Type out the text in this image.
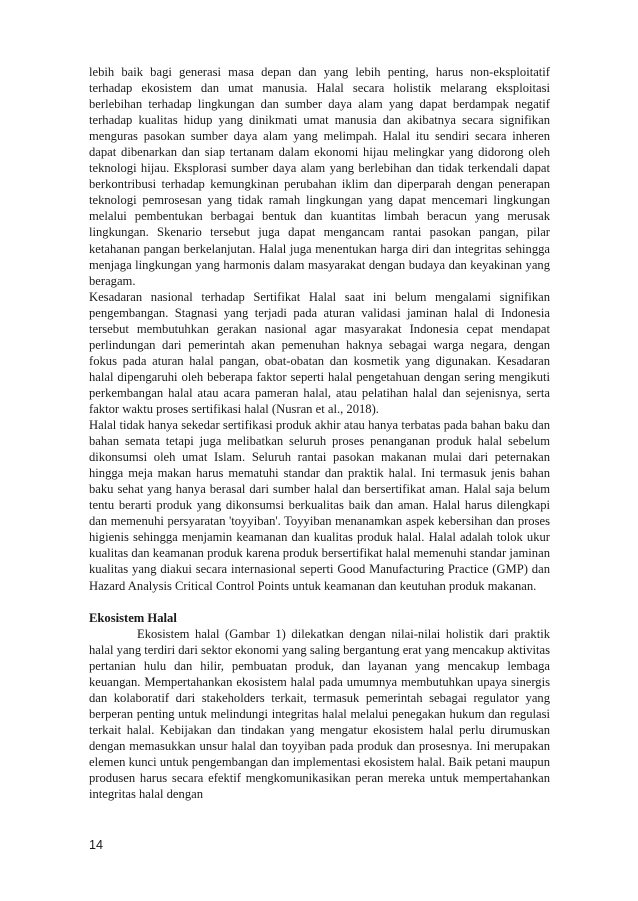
lebih baik bagi generasi masa depan dan yang lebih penting, harus non-eksploitatif terhadap ekosistem dan umat manusia. Halal secara holistik melarang eksploitasi berlebihan terhadap lingkungan dan sumber daya alam yang dapat berdampak negatif terhadap kualitas hidup yang dinikmati umat manusia dan akibatnya secara signifikan menguras pasokan sumber daya alam yang melimpah. Halal itu sendiri secara inheren dapat dibenarkan dan siap tertanam dalam ekonomi hijau melingkar yang didorong oleh teknologi hijau. Eksplorasi sumber daya alam yang berlebihan dan tidak terkendali dapat berkontribusi terhadap kemungkinan perubahan iklim dan diperparah dengan penerapan teknologi pemrosesan yang tidak ramah lingkungan yang dapat mencemari lingkungan melalui pembentukan berbagai bentuk dan kuantitas limbah beracun yang merusak lingkungan. Skenario tersebut juga dapat mengancam rantai pasokan pangan, pilar ketahanan pangan berkelanjutan. Halal juga menentukan harga diri dan integritas sehingga menjaga lingkungan yang harmonis dalam masyarakat dengan budaya dan keyakinan yang beragam.

Kesadaran nasional terhadap Sertifikat Halal saat ini belum mengalami signifikan pengembangan. Stagnasi yang terjadi pada aturan validasi jaminan halal di Indonesia tersebut membutuhkan gerakan nasional agar masyarakat Indonesia cepat mendapat perlindungan dari pemerintah akan pemenuhan haknya sebagai warga negara, dengan fokus pada aturan halal pangan, obat-obatan dan kosmetik yang digunakan. Kesadaran halal dipengaruhi oleh beberapa faktor seperti halal pengetahuan dengan sering mengikuti perkembangan halal atau acara pameran halal, atau pelatihan halal dan sejenisnya, serta faktor waktu proses sertifikasi halal (Nusran et al., 2018).

Halal tidak hanya sekedar sertifikasi produk akhir atau hanya terbatas pada bahan baku dan bahan semata tetapi juga melibatkan seluruh proses penanganan produk halal sebelum dikonsumsi oleh umat Islam. Seluruh rantai pasokan makanan mulai dari peternakan hingga meja makan harus mematuhi standar dan praktik halal. Ini termasuk jenis bahan baku sehat yang hanya berasal dari sumber halal dan bersertifikat aman. Halal saja belum tentu berarti produk yang dikonsumsi berkualitas baik dan aman. Halal harus dilengkapi dan memenuhi persyaratan 'toyyiban'. Toyyiban menanamkan aspek kebersihan dan proses higienis sehingga menjamin keamanan dan kualitas produk halal. Halal adalah tolok ukur kualitas dan keamanan produk karena produk bersertifikat halal memenuhi standar jaminan kualitas yang diakui secara internasional seperti Good Manufacturing Practice (GMP) dan Hazard Analysis Critical Control Points untuk keamanan dan keutuhan produk makanan.

Ekosistem Halal

Ekosistem halal (Gambar 1) dilekatkan dengan nilai-nilai holistik dari praktik halal yang terdiri dari sektor ekonomi yang saling bergantung erat yang mencakup aktivitas pertanian hulu dan hilir, pembuatan produk, dan layanan yang mencakup lembaga keuangan. Mempertahankan ekosistem halal pada umumnya membutuhkan upaya sinergis dan kolaboratif dari stakeholders terkait, termasuk pemerintah sebagai regulator yang berperan penting untuk melindungi integritas halal melalui penegakan hukum dan regulasi terkait halal. Kebijakan dan tindakan yang mengatur ekosistem halal perlu dirumuskan dengan memasukkan unsur halal dan toyyiban pada produk dan prosesnya. Ini merupakan elemen kunci untuk pengembangan dan implementasi ekosistem halal. Baik petani maupun produsen harus secara efektif mengkomunikasikan peran mereka untuk mempertahankan integritas halal dengan

14
